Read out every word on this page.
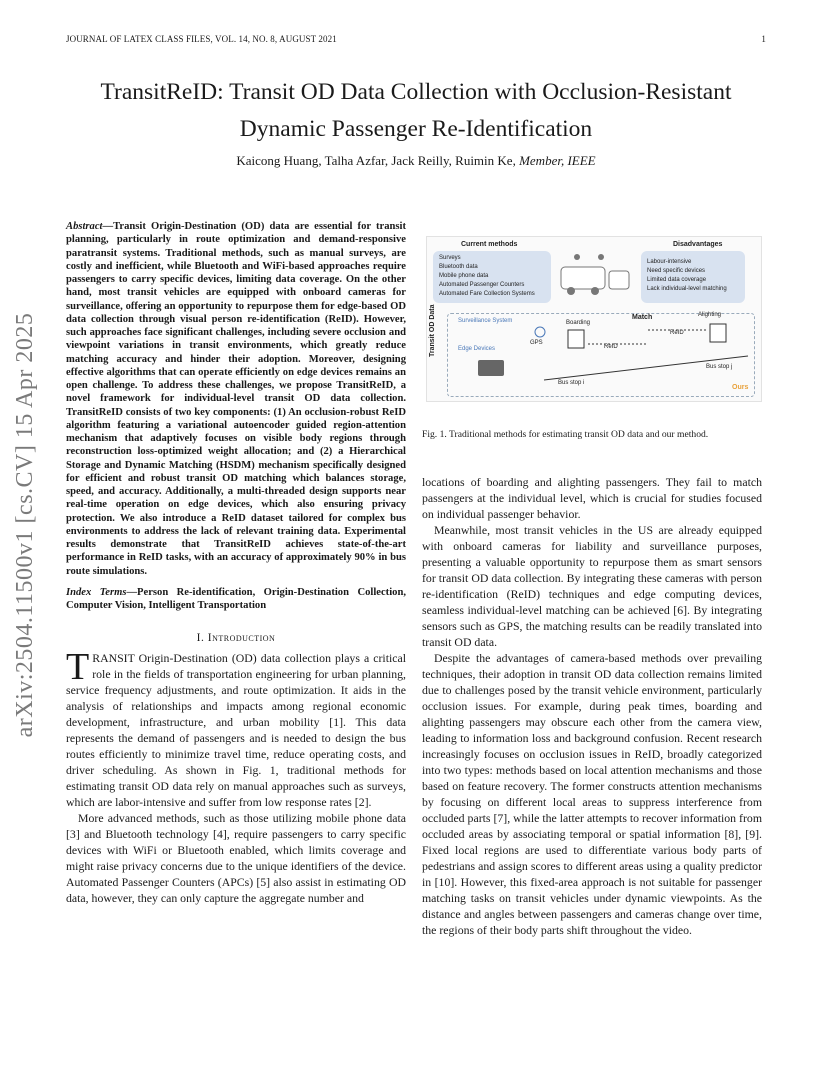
JOURNAL OF LATEX CLASS FILES, VOL. 14, NO. 8, AUGUST 2021	1
TransitReID: Transit OD Data Collection with Occlusion-Resistant Dynamic Passenger Re-Identification
Kaicong Huang, Talha Azfar, Jack Reilly, Ruimin Ke, Member, IEEE
arXiv:2504.11500v1 [cs.CV] 15 Apr 2025
Abstract—Transit Origin-Destination (OD) data are essential for transit planning, particularly in route optimization and demand-responsive paratransit systems. Traditional methods, such as manual surveys, are costly and inefficient, while Bluetooth and WiFi-based approaches require passengers to carry specific devices, limiting data coverage. On the other hand, most transit vehicles are equipped with onboard cameras for surveillance, offering an opportunity to repurpose them for edge-based OD data collection through visual person re-identification (ReID). However, such approaches face significant challenges, including severe occlusion and viewpoint variations in transit environments, which greatly reduce matching accuracy and hinder their adoption. Moreover, designing effective algorithms that can operate efficiently on edge devices remains an open challenge. To address these challenges, we propose TransitReID, a novel framework for individual-level transit OD data collection. TransitReID consists of two key components: (1) An occlusion-robust ReID algorithm featuring a variational autoencoder guided region-attention mechanism that adaptively focuses on visible body regions through reconstruction loss-optimized weight allocation; and (2) a Hierarchical Storage and Dynamic Matching (HSDM) mechanism specifically designed for efficient and robust transit OD matching which balances storage, speed, and accuracy. Additionally, a multi-threaded design supports near real-time operation on edge devices, which also ensuring privacy protection. We also introduce a ReID dataset tailored for complex bus environments to address the lack of relevant training data. Experimental results demonstrate that TransitReID achieves state-of-the-art performance in ReID tasks, with an accuracy of approximately 90% in bus route simulations.
Index Terms—Person Re-identification, Origin-Destination Collection, Computer Vision, Intelligent Transportation
I. Introduction

TRANSIT Origin-Destination (OD) data collection plays a critical role in the fields of transportation engineering for urban planning, service frequency adjustments, and route optimization. It aids in the analysis of relationships and impacts among regional economic development, infrastructure, and urban mobility [1]. This data represents the demand of passengers and is needed to design the bus routes efficiently to minimize travel time, reduce operating costs, and driver scheduling. As shown in Fig. 1, traditional methods for estimating transit OD data rely on manual approaches such as surveys, which are labor-intensive and suffer from low response rates [2].

More advanced methods, such as those utilizing mobile phone data [3] and Bluetooth technology [4], require passengers to carry specific devices with WiFi or Bluetooth enabled, which limits coverage and might raise privacy concerns due to the unique identifiers of the device. Automated Passenger Counters (APCs) [5] also assist in estimating OD data, however, they can only capture the aggregate number and

Current methods	Disadvantages
Surveys
Bluetooth data
Mobile phone data
Automated Passenger Counters
Automated Fare Collection Systems
Labour-intensive
Need specific devices
Limited data coverage
Lack individual-level matching
Transit OD Data	Surveillance System
GPS
Edge Devices
Boarding
Match	Alighting
ReID
ReID
Bus stop i
Bus stop j
Ours
Fig. 1. Traditional methods for estimating transit OD data and our method.

locations of boarding and alighting passengers. They fail to match passengers at the individual level, which is crucial for studies focused on individual passenger behavior.

Meanwhile, most transit vehicles in the US are already equipped with onboard cameras for liability and surveillance purposes, presenting a valuable opportunity to repurpose them as smart sensors for transit OD data collection. By integrating these cameras with person re-identification (ReID) techniques and edge computing devices, seamless individual-level matching can be achieved [6]. By integrating sensors such as GPS, the matching results can be readily translated into transit OD data.

Despite the advantages of camera-based methods over prevailing techniques, their adoption in transit OD data collection remains limited due to challenges posed by the transit vehicle environment, particularly occlusion issues. For example, during peak times, boarding and alighting passengers may obscure each other from the camera view, leading to information loss and background confusion. Recent research increasingly focuses on occlusion issues in ReID, broadly categorized into two types: methods based on local attention mechanisms and those based on feature recovery. The former constructs attention mechanisms by focusing on different local areas to suppress interference from occluded parts [7], while the latter attempts to recover information from occluded areas by associating temporal or spatial information [8], [9]. Fixed local regions are used to differentiate various body parts of pedestrians and assign scores to different areas using a quality predictor in [10]. However, this fixed-area approach is not suitable for passenger matching tasks on transit vehicles under dynamic viewpoints. As the distance and angles between passengers and cameras change over time, the regions of their body parts shift throughout the video.
